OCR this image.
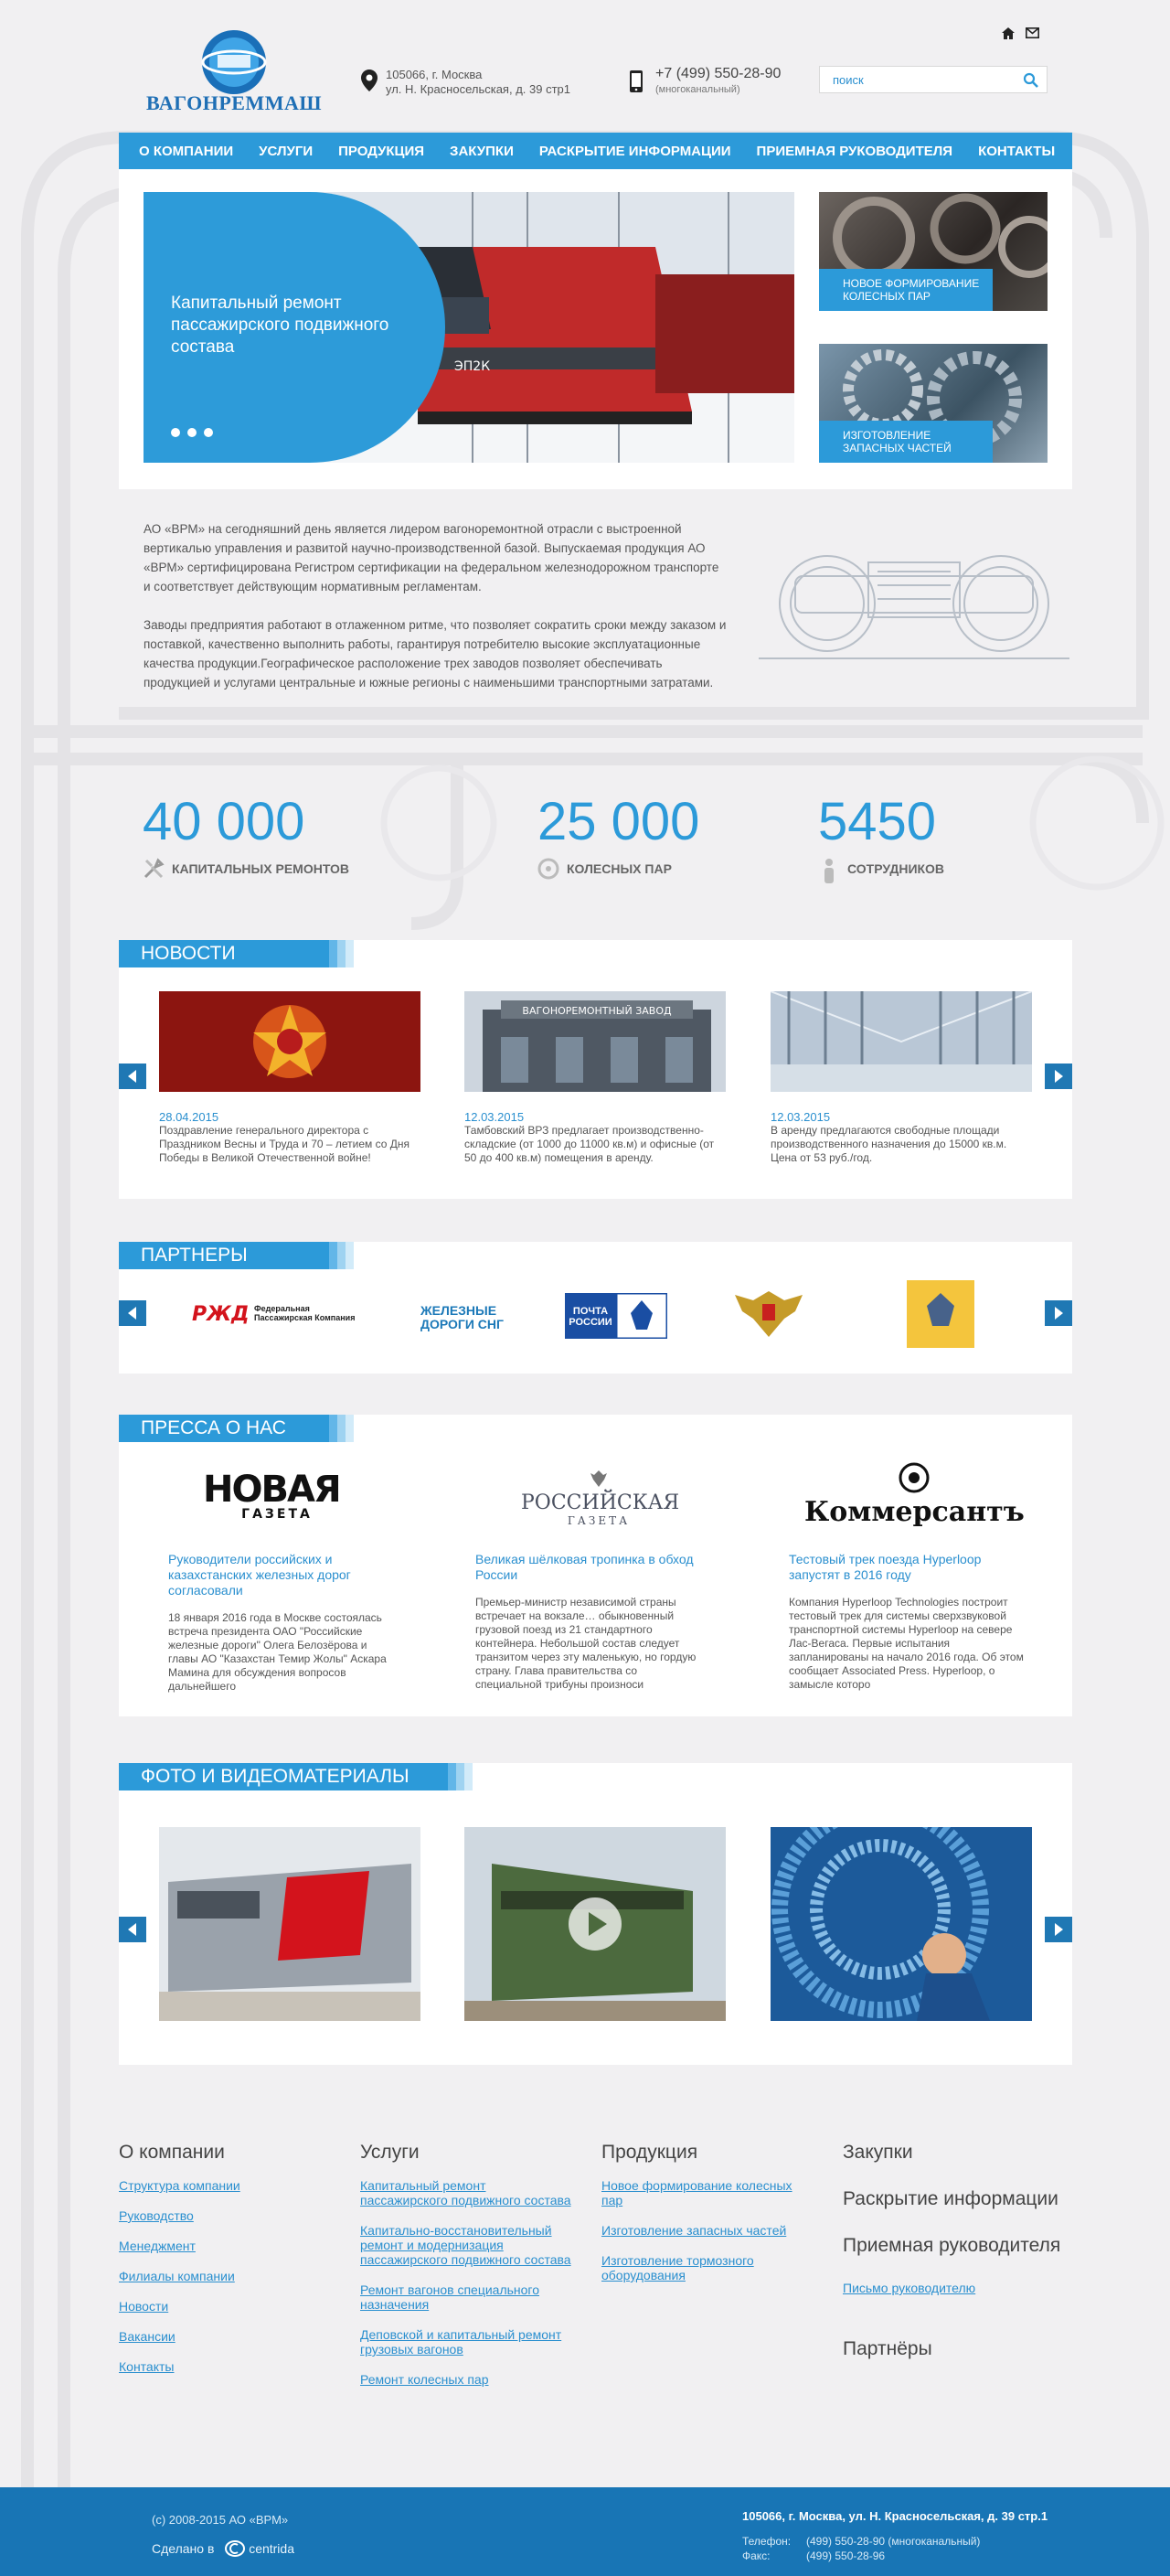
ВАГОНРЕММАШ
105066, г. Москва
ул. Н. Красносельская, д. 39 стр1
+7 (499) 550-28-90
(многоканальный)
поиск
О КОМПАНИИ	УСЛУГИ	ПРОДУКЦИЯ	ЗАКУПКИ	РАСКРЫТИЕ ИНФОРМАЦИИ	ПРИЕМНАЯ РУКОВОДИТЕЛЯ	КОНТАКТЫ
ЭП2К
Капитальный ремонт пассажирского подвижного состава
НОВОЕ ФОРМИРОВАНИЕ КОЛЕСНЫХ ПАР
ИЗГОТОВЛЕНИЕ ЗАПАСНЫХ ЧАСТЕЙ

АО «ВРМ» на сегодняшний день является лидером вагоноремонтной отрасли с выстроенной вертикалью управления и развитой научно-производственной базой. Выпускаемая продукция АО «ВРМ» сертифицирована Регистром сертификации на федеральном железнодорожном транспорте и соответствует действующим нормативным регламентам.

Заводы предприятия работают в отлаженном ритме, что позволяет сократить сроки между заказом и поставкой, качественно выполнить работы, гарантируя потребителю высокие эксплуатационные качества продукции.Географическое расположение трех заводов позволяет обеспечивать продукцией и услугами центральные и южные регионы с наименьшими транспортными затратами.

40 000
КАПИТАЛЬНЫХ РЕМОНТОВ
25 000
КОЛЕСНЫХ ПАР
5450
СОТРУДНИКОВ
НОВОСТИ
28.04.2015
Поздравление генерального директора с Праздником Весны и Труда и 70 – летием со Дня Победы в Великой Отечественной войне!
ВАГОНОРЕМОНТНЫЙ ЗАВОД
12.03.2015
Тамбовский ВРЗ предлагает производственно-складские (от 1000 до 11000 кв.м) и офисные (от 50 до 400 кв.м) помещения в аренду.
12.03.2015
В аренду предлагаются свободные площади производственного назначения до 15000 кв.м. Цена от 53 руб./год.
ПАРТНЕРЫ
РЖД Федеральная
Пассажирская Компания	ЖЕЛЕЗНЫЕ
ДОРОГИ СНГ
ПОЧТА
РОССИИ
ПРЕССА О НАС
НОВАЯ
ГАЗЕТА	РОССИЙСКАЯ
ГАЗЕТА	Коммерсантъ
Руководители российских и казахстанских железных дорог согласовали
18 января 2016 года в Москве состоялась встреча президента ОАО "Российские железные дороги" Олега Белозёрова и главы АО "Казахстан Темир Жолы" Аскара Мамина для обсуждения вопросов дальнейшего
Великая шёлковая тропинка в обход России
Премьер-министр независимой страны встречает на вокзале… обыкновенный грузовой поезд из 21 стандартного контейнера. Небольшой состав следует транзитом через эту маленькую, но гордую страну. Глава правительства со специальной трибуны произноси
Тестовый трек поезда Hyperloop запустят в 2016 году
Компания Hyperloop Technologies построит тестовый трек для системы сверхзвуковой транспортной системы Hyperloop на севере Лас-Вегаса. Первые испытания запланированы на начало 2016 года. Об этом сообщает Associated Press. Hyperloop, о замысле которо
ФОТО И ВИДЕОМАТЕРИАЛЫ
О компании
Структура компании
Руководство
Менеджмент
Филиалы компании
Новости
Вакансии
Контакты
Услуги
Капитальный ремонт пассажирского подвижного состава
Капитально-восстановительный ремонт и модернизация пассажирского подвижного состава
Ремонт вагонов специального назначения
Деповской и капитальный ремонт грузовых вагонов
Ремонт колесных пар
Продукция
Новое формирование колесных пар
Изготовление запасных частей
Изготовление тормозного оборудования
Закупки
Раскрытие информации
Приемная руководителя
Письмо руководителю
Партнёры
(c) 2008-2015 АО «ВРМ»
Сделано в	centrida
105066, г. Москва, ул. Н. Красносельская, д. 39 стр.1
Телефон: (499) 550-28-90 (многоканальный)
Факс:	(499) 550-28-96
